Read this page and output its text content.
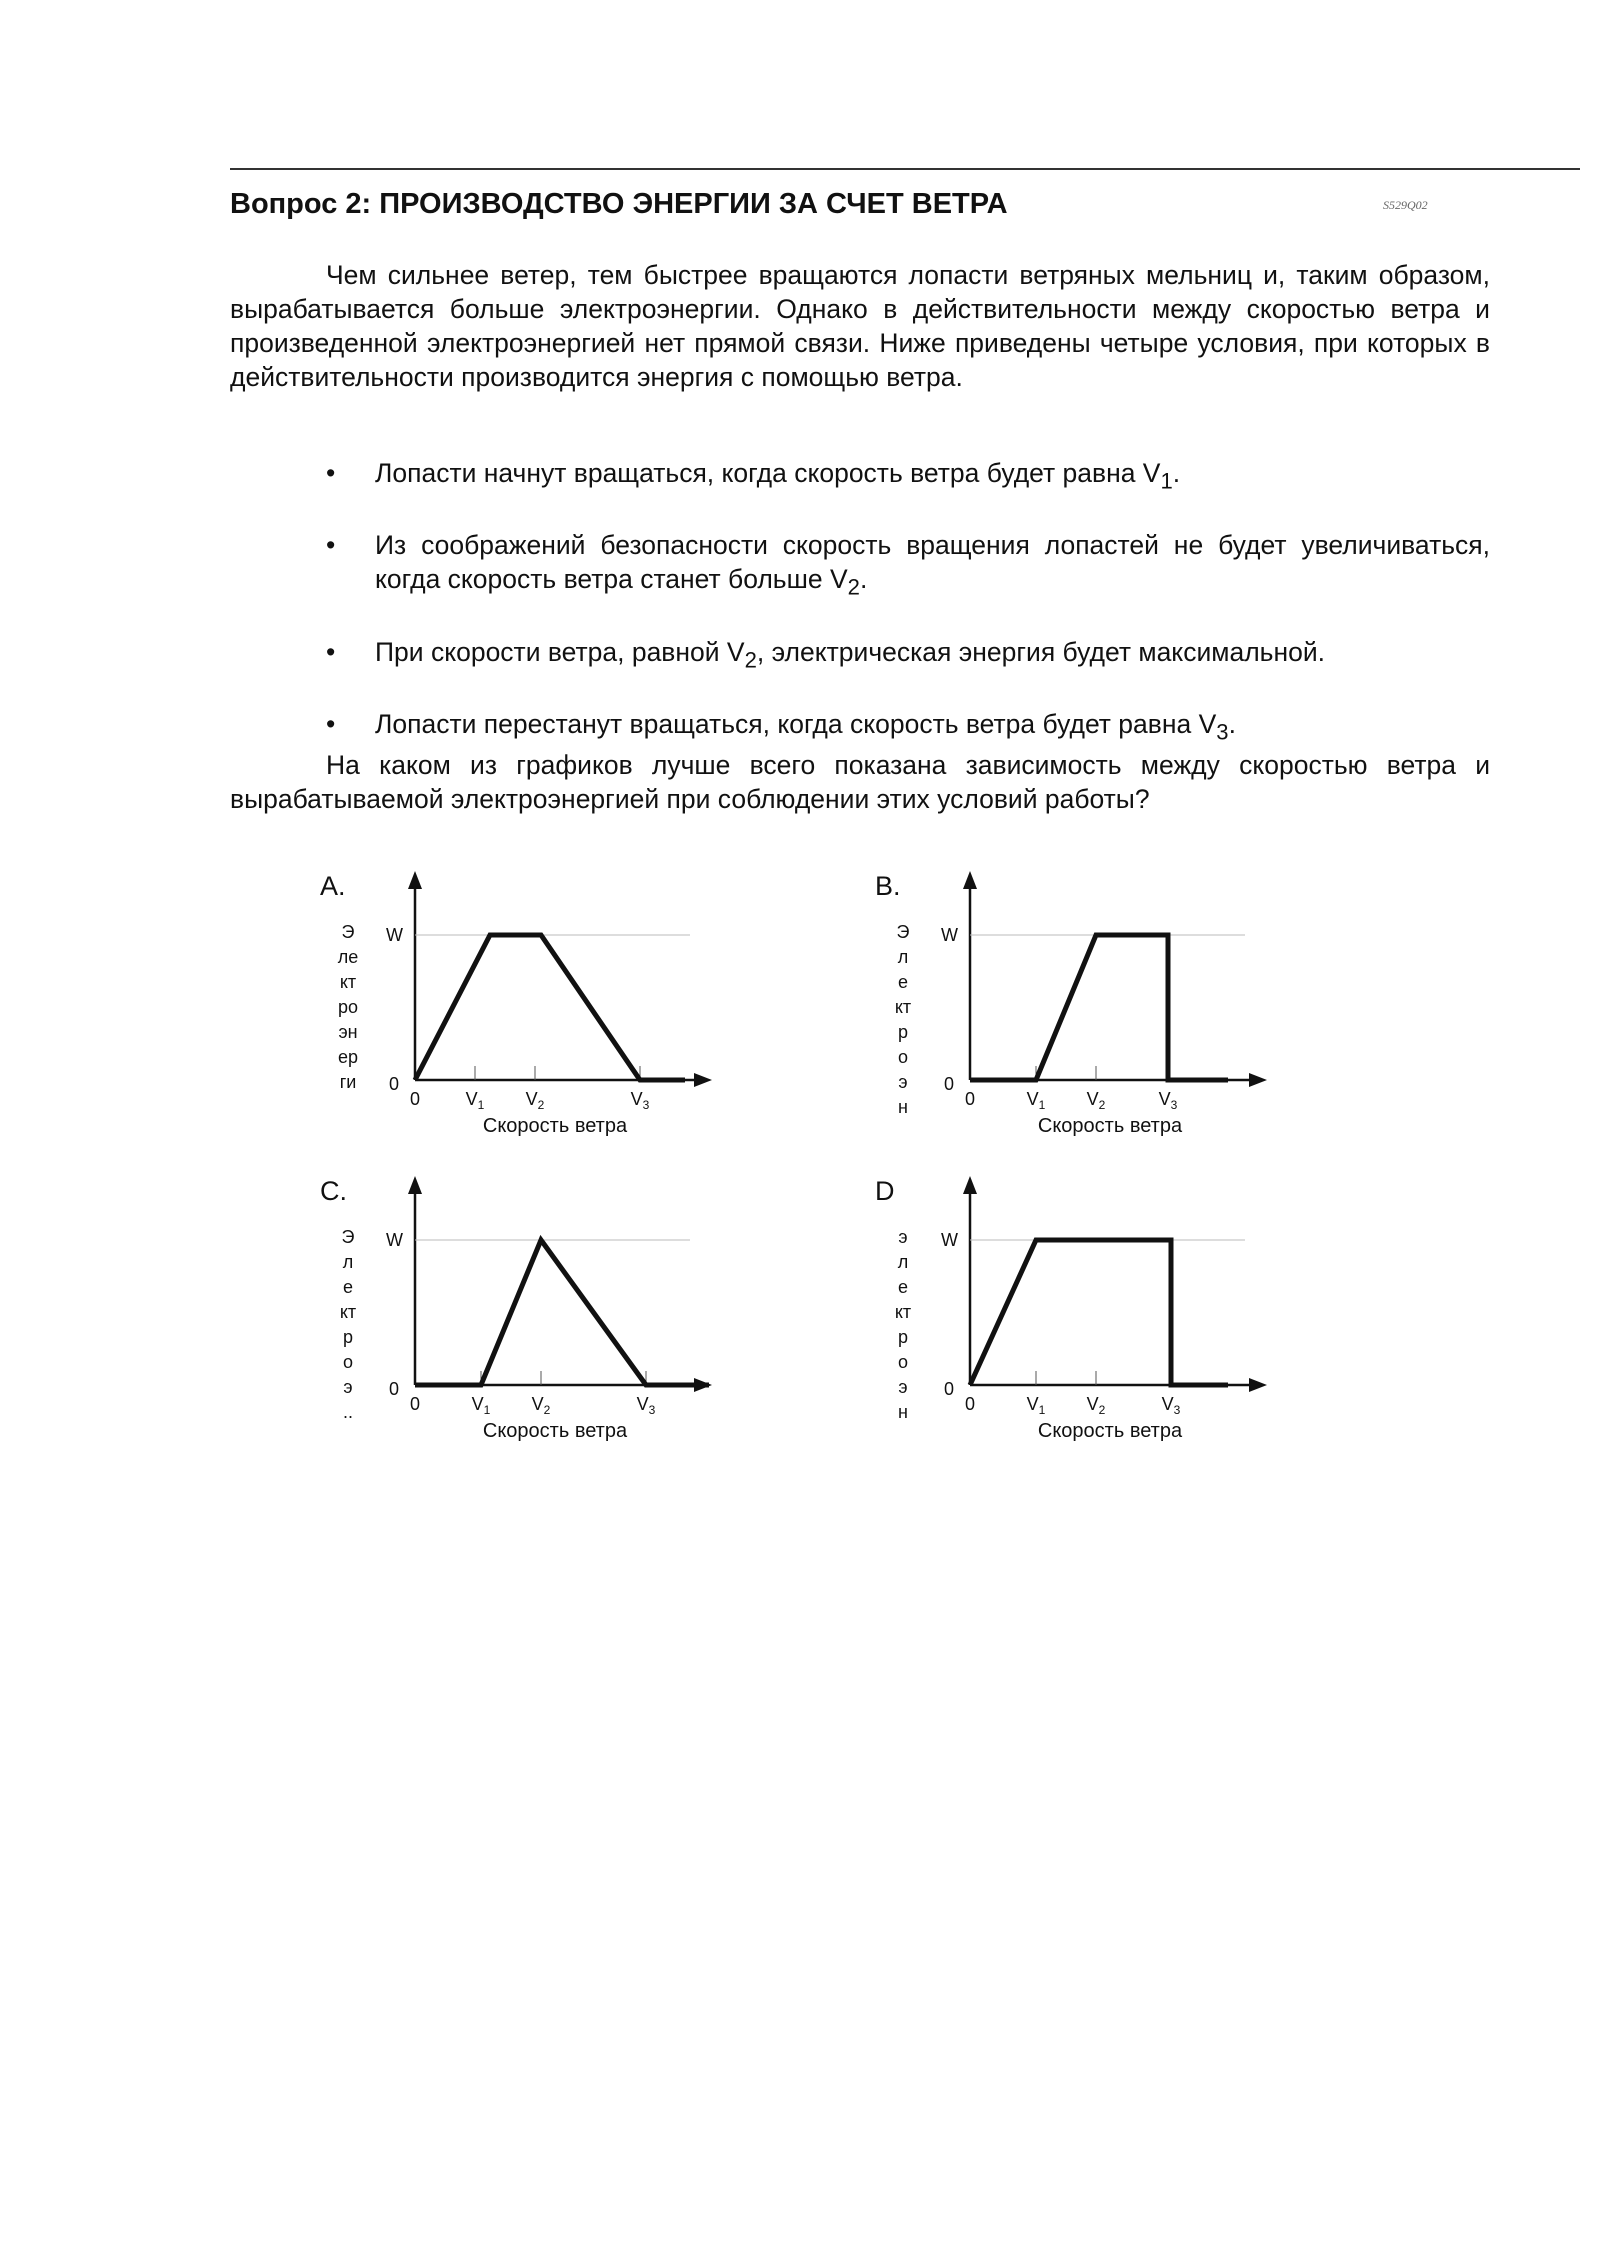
Вопрос 2: ПРОИЗВОДСТВО ЭНЕРГИИ ЗА СЧЕТ ВЕТРА	S529Q02

Чем сильнее ветер, тем быстрее вращаются лопасти ветряных мельниц и, таким образом, вырабатывается больше электроэнергии. Однако в действительности между скоростью ветра и произведенной электроэнергией нет прямой связи. Ниже приведены четыре условия, при которых в действительности производится энергия с помощью ветра.

• Лопасти начнут вращаться, когда скорость ветра будет равна $V_1$.
• Из соображений безопасности скорость вращения лопастей не будет увеличиваться, когда скорость ветра станет больше $V_2$.
• При скорости ветра, равной $V_2$, электрическая энергия будет максимальной.
• Лопасти перестанут вращаться, когда скорость ветра будет равна $V_3$.

На каком из графиков лучше всего показана зависимость между скоростью ветра и вырабатываемой электроэнергией при соблюдении этих условий работы?

A.
Э
ле
кт
ро
эн
ер
ги
W
0
0	$V_1$ $V_2$	$V_3$
Скорость ветра
B.
Э
л
е
кт
р
о
э
н
W
0
0	$V_1$ $V_2$	$V_3$
Скорость ветра
C.
Э
л
е
кт
р
о
э
..
W
0
0	$V_1$ $V_2$	$V_3$
Скорость ветра
D
э
л
е
кт
р
о
э
н
W
0
0	$V_1$ $V_2$	$V_3$
Скорость ветра
